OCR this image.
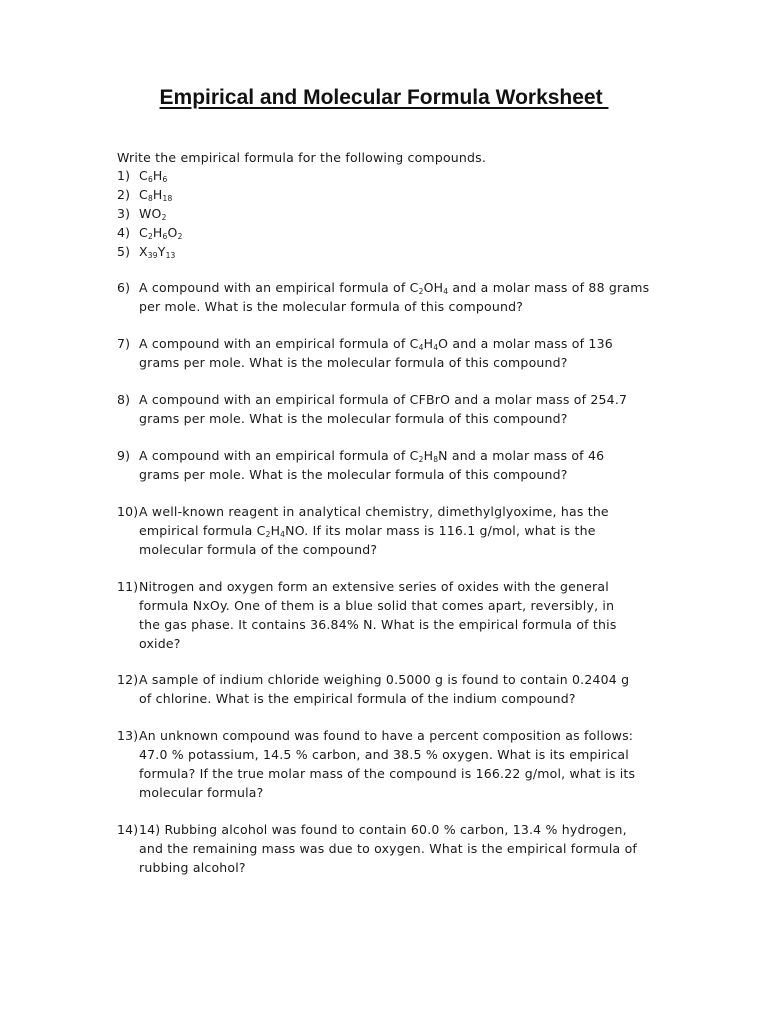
Empirical and Molecular Formula Worksheet
Write the empirical formula for the following compounds.
1) $C_6H_6$
2) $C_8H_{18}$
3) $WO_2$
4) $C_2H_6O_2$
5) $X_{39}Y_{13}$
6) A compound with an empirical formula of $C_2OH_4$ and a molar mass of 88 grams
per mole. What is the molecular formula of this compound?
7) A compound with an empirical formula of $C_4H_4O$ and a molar mass of 136
grams per mole. What is the molecular formula of this compound?
8) A compound with an empirical formula of CFBrO and a molar mass of 254.7
grams per mole. What is the molecular formula of this compound?
9) A compound with an empirical formula of $C_2H_8N$ and a molar mass of 46
grams per mole. What is the molecular formula of this compound?
10) A well-known reagent in analytical chemistry, dimethylglyoxime, has the
empirical formula $C_2H_4NO$. If its molar mass is 116.1 g/mol, what is the
molecular formula of the compound?
11) Nitrogen and oxygen form an extensive series of oxides with the general
formula NxOy. One of them is a blue solid that comes apart, reversibly, in
the gas phase. It contains 36.84% N. What is the empirical formula of this
oxide?
12) A sample of indium chloride weighing 0.5000 g is found to contain 0.2404 g
of chlorine. What is the empirical formula of the indium compound?
13) An unknown compound was found to have a percent composition as follows:
47.0 % potassium, 14.5 % carbon, and 38.5 % oxygen. What is its empirical
formula? If the true molar mass of the compound is 166.22 g/mol, what is its
molecular formula?
14) 14) Rubbing alcohol was found to contain 60.0 % carbon, 13.4 % hydrogen,
and the remaining mass was due to oxygen. What is the empirical formula of
rubbing alcohol?
